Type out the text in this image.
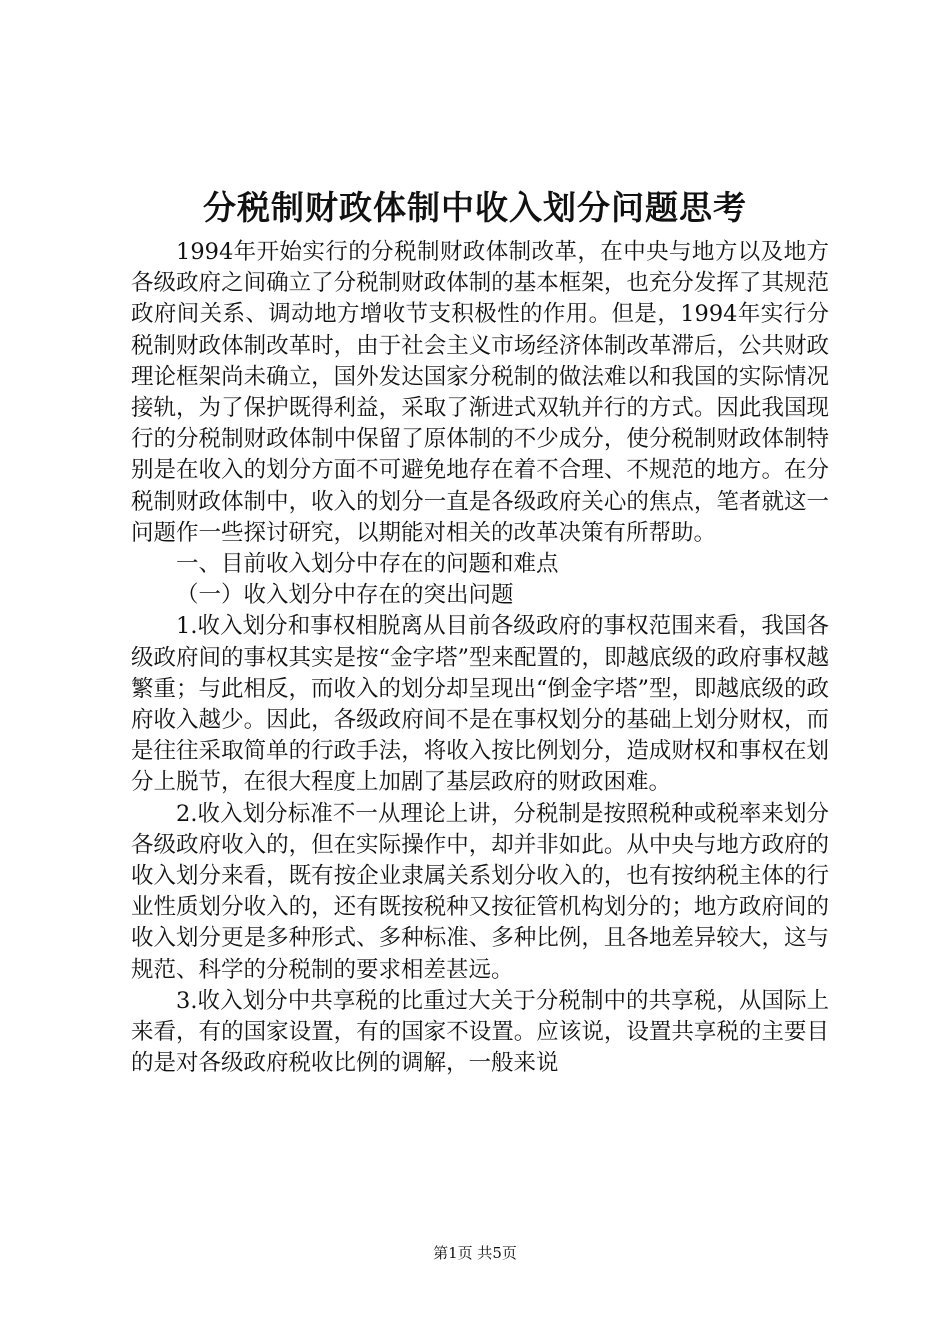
分税制财政体制中收入划分问题思考

1994年开始实行的分税制财政体制改革，在中央与地方以及地方各级政府之间确立了分税制财政体制的基本框架，也充分发挥了其规范政府间关系、调动地方增收节支积极性的作用。但是，1994年实行分税制财政体制改革时，由于社会主义市场经济体制改革滞后，公共财政理论框架尚未确立，国外发达国家分税制的做法难以和我国的实际情况接轨，为了保护既得利益，采取了渐进式双轨并行的方式。因此我国现行的分税制财政体制中保留了原体制的不少成分，使分税制财政体制特别是在收入的划分方面不可避免地存在着不合理、不规范的地方。在分税制财政体制中，收入的划分一直是各级政府关心的焦点，笔者就这一问题作一些探讨研究，以期能对相关的改革决策有所帮助。

一、目前收入划分中存在的问题和难点

（一）收入划分中存在的突出问题

1.收入划分和事权相脱离从目前各级政府的事权范围来看，我国各级政府间的事权其实是按“金字塔”型来配置的，即越底级的政府事权越繁重；与此相反，而收入的划分却呈现出“倒金字塔”型，即越底级的政府收入越少。因此，各级政府间不是在事权划分的基础上划分财权，而是往往采取简单的行政手法，将收入按比例划分，造成财权和事权在划分上脱节，在很大程度上加剧了基层政府的财政困难。

2.收入划分标准不一从理论上讲，分税制是按照税种或税率来划分各级政府收入的，但在实际操作中，却并非如此。从中央与地方政府的收入划分来看，既有按企业隶属关系划分收入的，也有按纳税主体的行业性质划分收入的，还有既按税种又按征管机构划分的；地方政府间的收入划分更是多种形式、多种标准、多种比例，且各地差异较大，这与规范、科学的分税制的要求相差甚远。

3.收入划分中共享税的比重过大关于分税制中的共享税，从国际上来看，有的国家设置，有的国家不设置。应该说，设置共享税的主要目的是对各级政府税收比例的调解，一般来说

第1页 共5页
